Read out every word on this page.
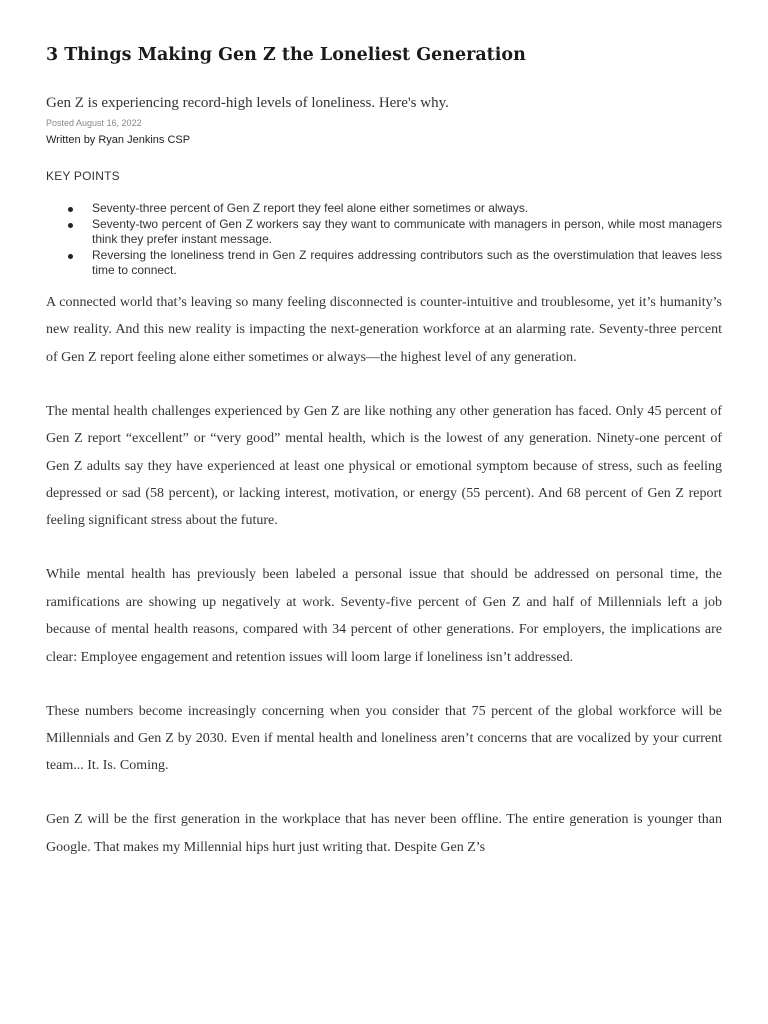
3 Things Making Gen Z the Loneliest Generation
Gen Z is experiencing record-high levels of loneliness. Here's why.
Posted August 16, 2022
Written by Ryan Jenkins CSP
KEY POINTS
Seventy-three percent of Gen Z report they feel alone either sometimes or always.
Seventy-two percent of Gen Z workers say they want to communicate with managers in person, while most managers think they prefer instant message.
Reversing the loneliness trend in Gen Z requires addressing contributors such as the overstimulation that leaves less time to connect.

A connected world that’s leaving so many feeling disconnected is counter-intuitive and troublesome, yet it’s humanity’s new reality. And this new reality is impacting the next-generation workforce at an alarming rate. Seventy-three percent of Gen Z report feeling alone either sometimes or always—the highest level of any generation.

The mental health challenges experienced by Gen Z are like nothing any other generation has faced. Only 45 percent of Gen Z report “excellent” or “very good” mental health, which is the lowest of any generation. Ninety-one percent of Gen Z adults say they have experienced at least one physical or emotional symptom because of stress, such as feeling depressed or sad (58 percent), or lacking interest, motivation, or energy (55 percent). And 68 percent of Gen Z report feeling significant stress about the future.

While mental health has previously been labeled a personal issue that should be addressed on personal time, the ramifications are showing up negatively at work. Seventy-five percent of Gen Z and half of Millennials left a job because of mental health reasons, compared with 34 percent of other generations. For employers, the implications are clear: Employee engagement and retention issues will loom large if loneliness isn’t addressed.

These numbers become increasingly concerning when you consider that 75 percent of the global workforce will be Millennials and Gen Z by 2030. Even if mental health and loneliness aren’t concerns that are vocalized by your current team... It. Is. Coming.

Gen Z will be the first generation in the workplace that has never been offline. The entire generation is younger than Google. That makes my Millennial hips hurt just writing that. Despite Gen Z’s
